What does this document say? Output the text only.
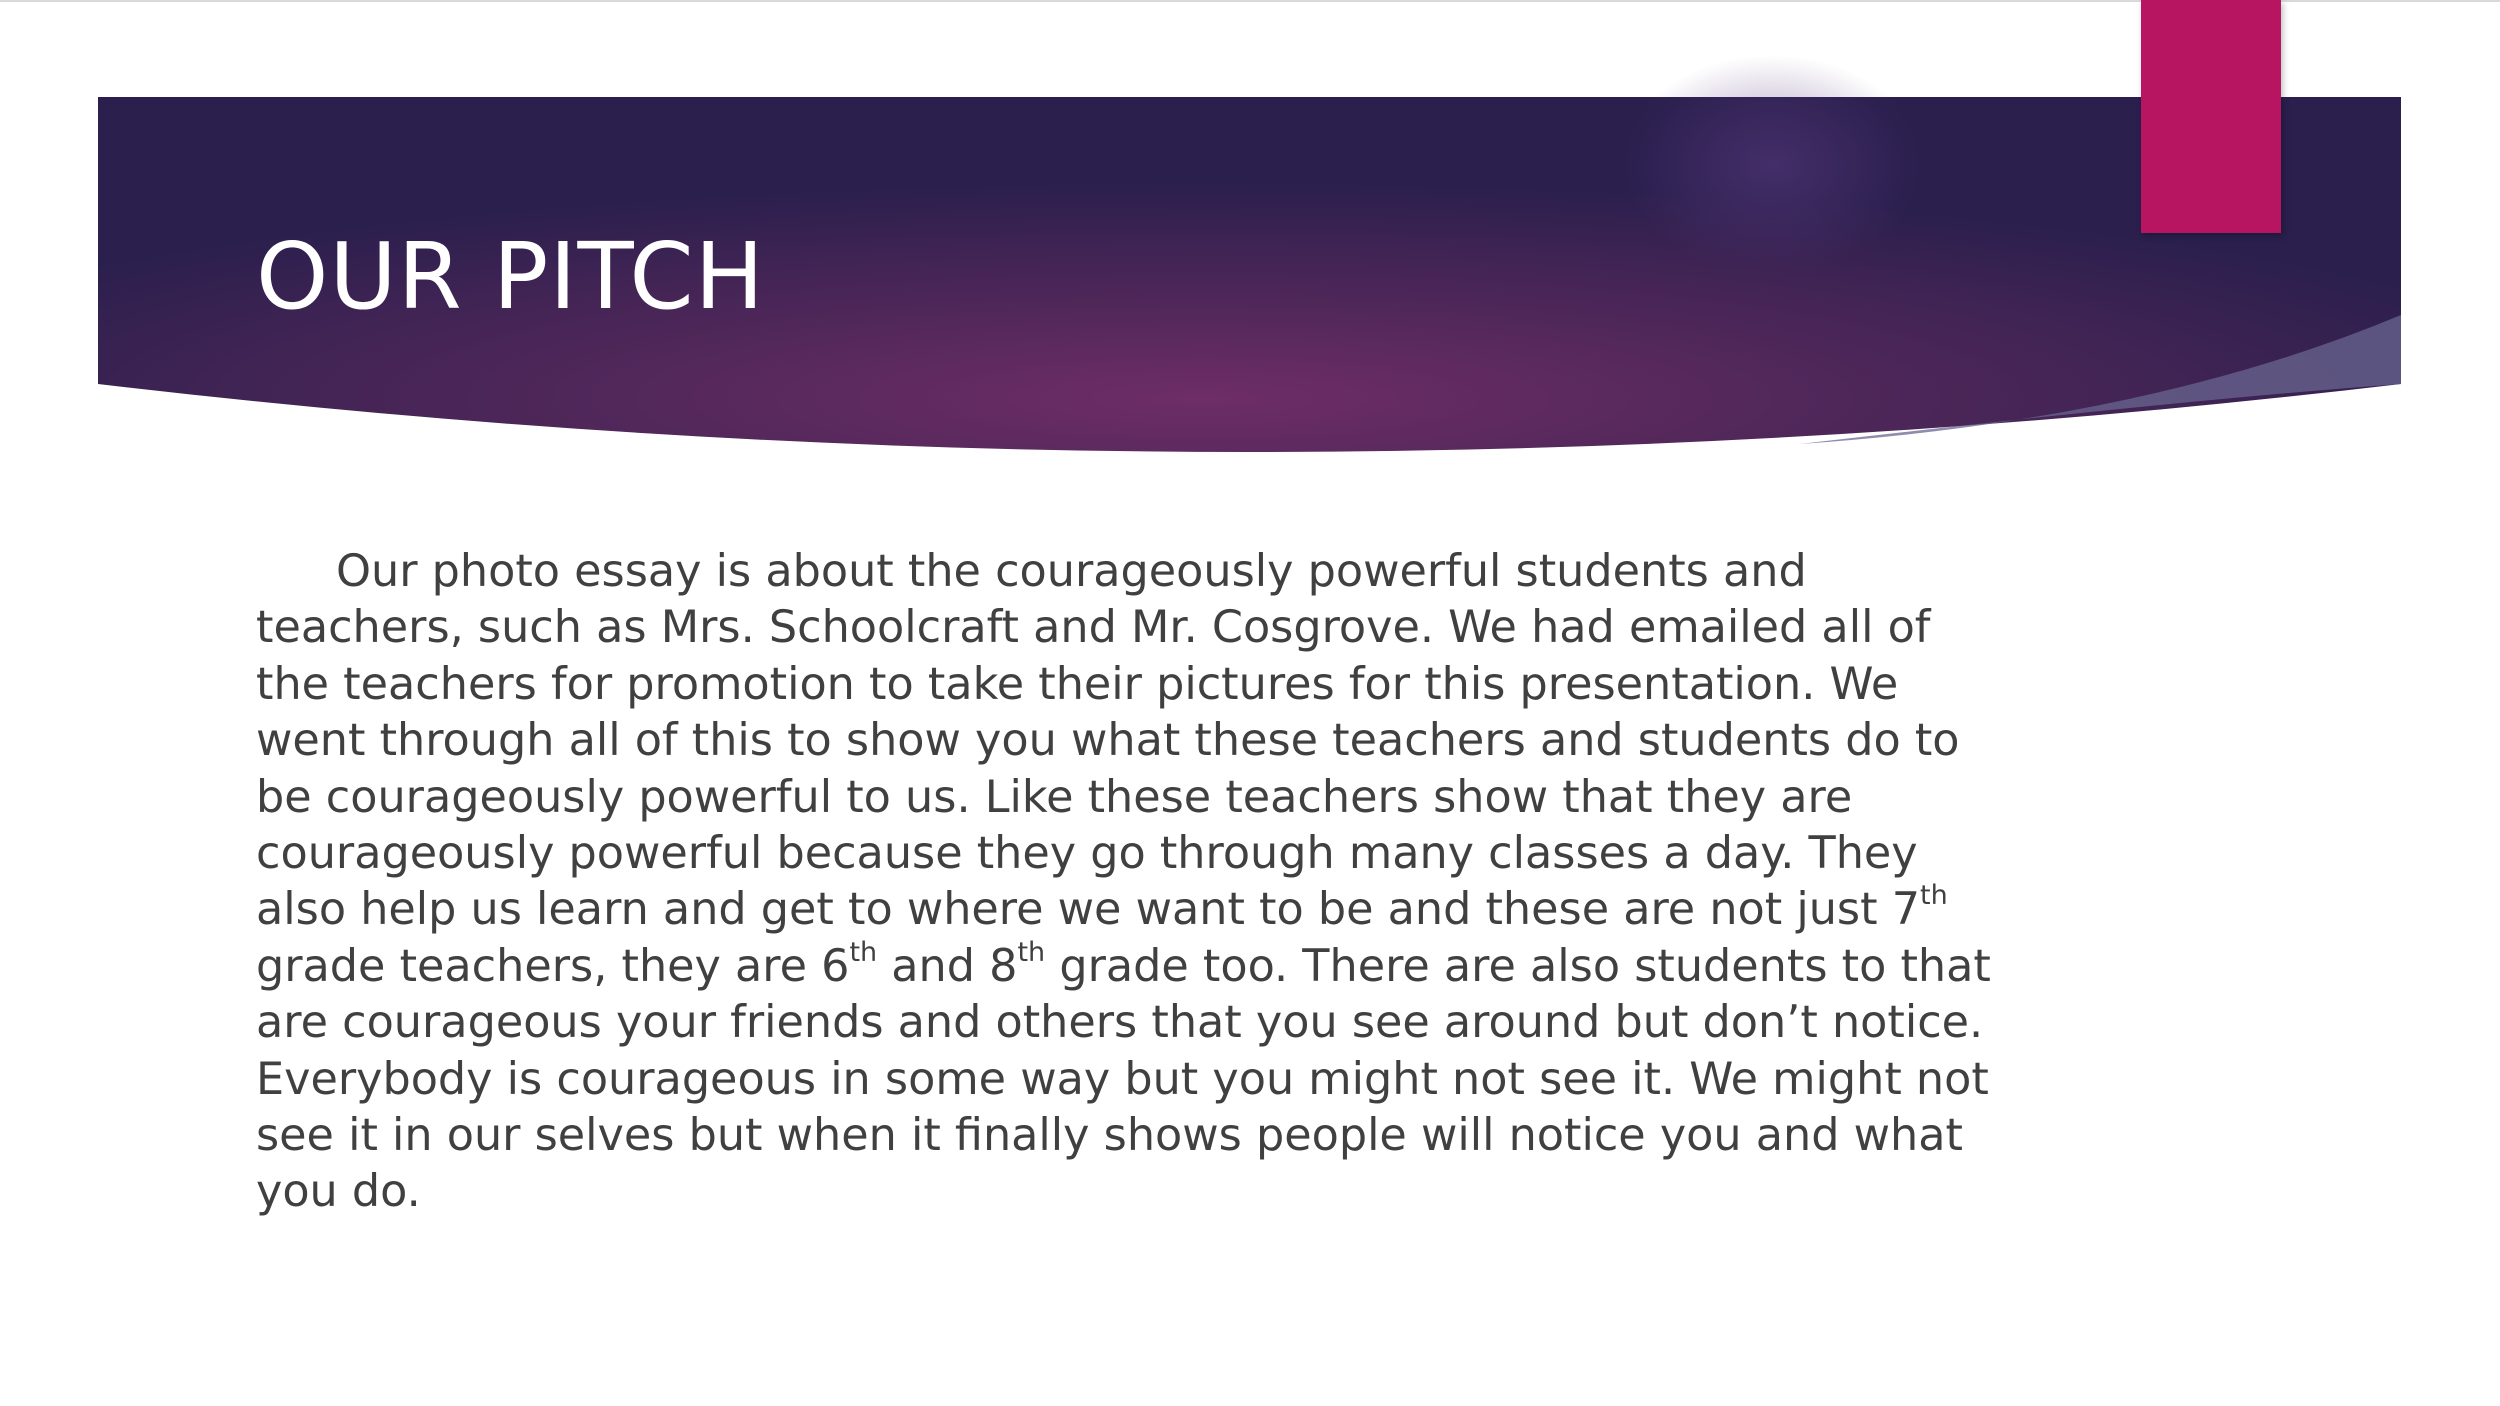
OUR PITCH

Our photo essay is about the courageously powerful students and
teachers, such as Mrs. Schoolcraft and Mr. Cosgrove. We had emailed all of
the teachers for promotion to take their pictures for this presentation. We
went through all of this to show you what these teachers and students do to
be courageously powerful to us. Like these teachers show that they are
courageously powerful because they go through many classes a day. They
also help us learn and get to where we want to be and these are not just 7th
grade teachers, they are 6th and 8th grade too. There are also students to that
are courageous your friends and others that you see around but don’t notice.
Everybody is courageous in some way but you might not see it. We might not
see it in our selves but when it finally shows people will notice you and what
you do.
